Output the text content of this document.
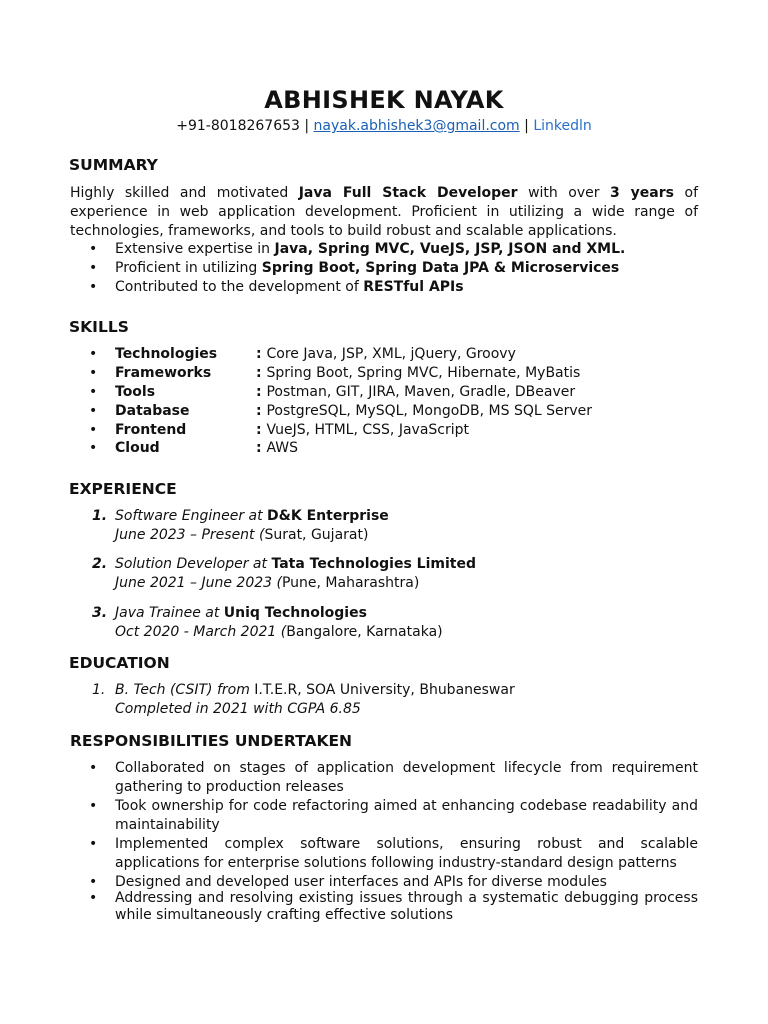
ABHISHEK NAYAK
+91-8018267653 | nayak.abhishek3@gmail.com | Linkedln
SUMMARY
Highly skilled and motivated Java Full Stack Developer with over 3 years of experience in web application development. Proficient in utilizing a wide range of technologies, frameworks, and tools to build robust and scalable applications.
• Extensive expertise in Java, Spring MVC, VueJS, JSP, JSON and XML.
• Proficient in utilizing Spring Boot, Spring Data JPA & Microservices
• Contributed to the development of RESTful APIs
SKILLS
• Technologies	: Core Java, JSP, XML, jQuery, Groovy
• Frameworks	: Spring Boot, Spring MVC, Hibernate, MyBatis
• Tools	: Postman, GIT, JIRA, Maven, Gradle, DBeaver
• Database	: PostgreSQL, MySQL, MongoDB, MS SQL Server
• Frontend	: VueJS, HTML, CSS, JavaScript
• Cloud	: AWS
EXPERIENCE
1. Software Engineer at D&K Enterprise
June 2023 – Present (Surat, Gujarat)
2. Solution Developer at Tata Technologies Limited
June 2021 – June 2023 (Pune, Maharashtra)
3. Java Trainee at Uniq Technologies
Oct 2020 - March 2021 (Bangalore, Karnataka)
EDUCATION
1. B. Tech (CSIT) from I.T.E.R, SOA University, Bhubaneswar
Completed in 2021 with CGPA 6.85
RESPONSIBILITIES UNDERTAKEN
• Collaborated on stages of application development lifecycle from requirement
gathering to production releases
• Took ownership for code refactoring aimed at enhancing codebase readability and
maintainability
• Implemented complex software solutions, ensuring robust and scalable
applications for enterprise solutions following industry-standard design patterns
• Designed and developed user interfaces and APIs for diverse modules
• Addressing and resolving existing issues through a systematic debugging process
while simultaneously crafting effective solutions
